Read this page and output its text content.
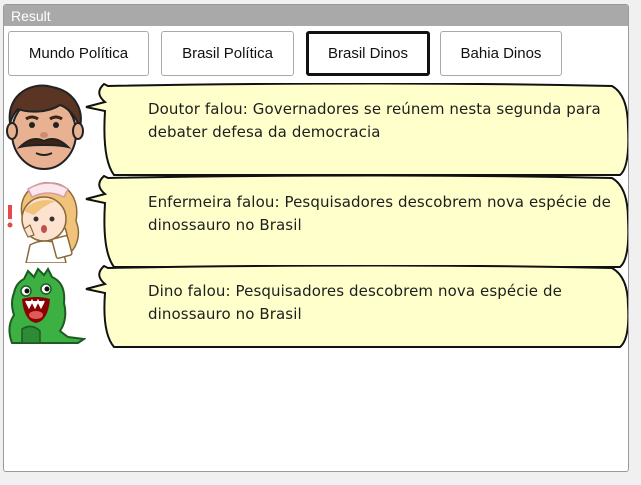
Result
Mundo Política	Brasil Política	Brasil Dinos	Bahia Dinos
Doutor falou: Governadores se reúnem nesta segunda para debater defesa da democracia
Enfermeira falou: Pesquisadores descobrem nova espécie de dinossauro no Brasil
Dino falou: Pesquisadores descobrem nova espécie de dinossauro no Brasil
